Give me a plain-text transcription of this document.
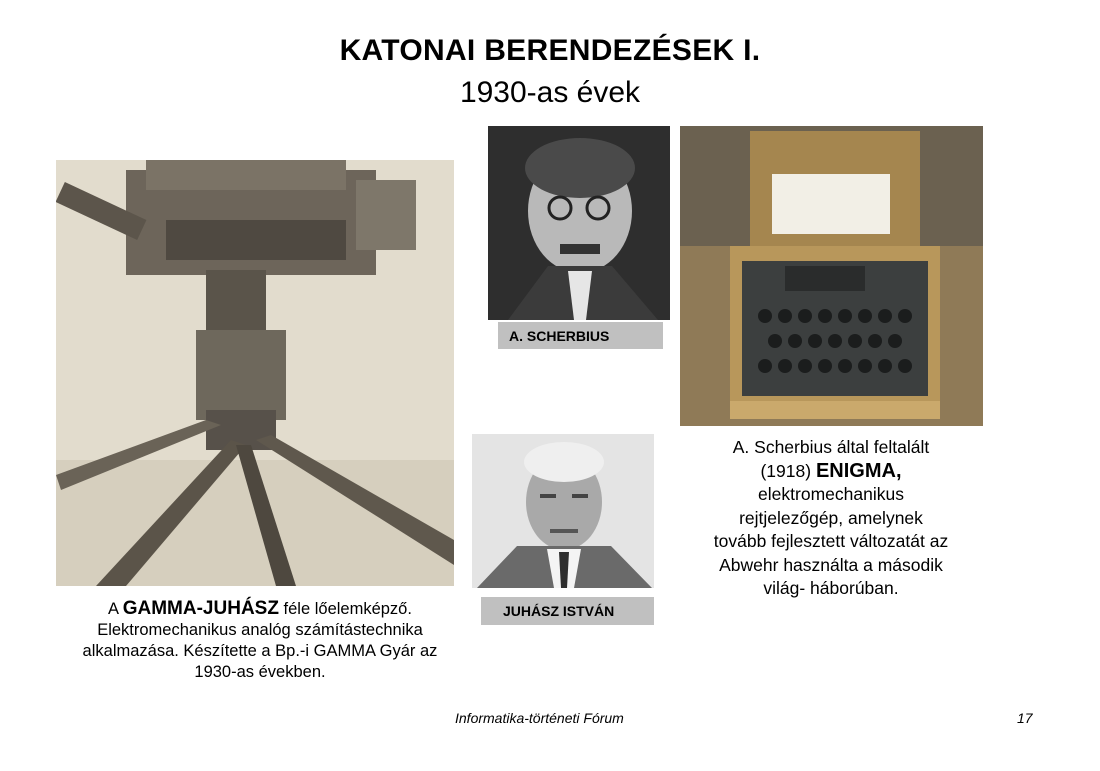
KATONAI BERENDEZÉSEK I.
1930-as évek
A. SCHERBIUS
JUHÁSZ ISTVÁN
A GAMMA-JUHÁSZ féle lőelemképző.
Elektromechanikus analóg számítástechnika
alkalmazása. Készítette a Bp.-i GAMMA Gyár az
1930-as években.
A. Scherbius által feltalált
(1918) ENIGMA,
elektromechanikus
rejtjelezőgép, amelynek
tovább fejlesztett változatát az
Abwehr használta a második
világ- háborúban.
Informatika-történeti Fórum	17
